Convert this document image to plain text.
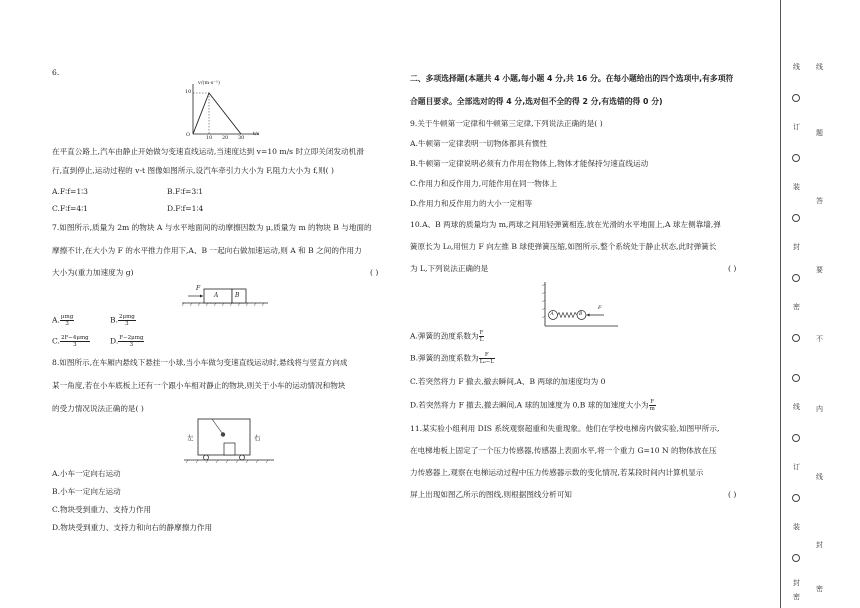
6.
v/(m·s⁻¹)
10
O	10 20 30
t/s
在平直公路上,汽车由静止开始做匀变速直线运动,当速度达到 v=10 m/s 时立即关闭发动机滑
行,直到停止,运动过程的 v-t 图像如图所示,设汽车牵引力大小为 F,阻力大小为 f,则( )
A.F∶f=1∶3	B.F∶f=3∶1
C.F∶f=4∶1	D.F∶f=1∶4
7.如图所示,质量为 2m 的物块 A 与水平地面间的动摩擦因数为 μ,质量为 m 的物块 B 与地面的
摩擦不计,在大小为 F 的水平推力作用下,A、B 一起向右做加速运动,则 A 和 B 之间的作用力
大小为(重力加速度为 g)	( )
F
A	B
A. $\frac{\text{μmg}}{3}$	B. $\frac{\text{2μmg}}{3}$
C. $\frac{\text{2F−4μmg}}{3}$	D. $\frac{\text{F−2μmg}}{3}$
8.如图所示,在车厢内悬线下悬挂一小球,当小车做匀变速直线运动时,悬线将与竖直方向成
某一角度,若在小车底板上还有一个跟小车相对静止的物块,则关于小车的运动情况和物块
的受力情况说法正确的是( )
左	右
A.小车一定向右运动
B.小车一定向左运动
C.物块受到重力、支持力作用
D.物块受到重力、支持力和向右的静摩擦力作用
二、多项选择题(本题共 4 小题,每小题 4 分,共 16 分。在每小题给出的四个选项中,有多项符
合题目要求。全部选对的得 4 分,选对但不全的得 2 分,有选错的得 0 分)
9.关于牛顿第一定律和牛顿第三定律,下列说法正确的是( )
A.牛顿第一定律表明一切物体都具有惯性
B.牛顿第一定律说明必须有力作用在物体上,物体才能保持匀速直线运动
C.作用力和反作用力,可能作用在同一物体上
D.作用力和反作用力的大小一定相等
10.A、B 两球的质量均为 m,两球之间用轻弹簧相连,放在光滑的水平地面上,A 球左侧靠墙,弹
簧原长为 L₀,用恒力 F 向左推 B 球使弹簧压缩,如图所示,整个系统处于静止状态,此时弹簧长
为 L,下列说法正确的是	( )
A	B
F
A.弹簧的劲度系数为 $\frac{F}{L}$
B.弹簧的劲度系数为 $\frac{F}{\text{L₀−L}}$
C.若突然将力 F 撤去,撤去瞬间,A、B 两球的加速度均为 0
D.若突然将力 F 撤去,撤去瞬间,A 球的加速度为 0,B 球的加速度大小为 $\frac{F}{m}$
11.某实验小组利用 DIS 系统观察超重和失重现象。他们在学校电梯房内做实验,如图甲所示,
在电梯地板上固定了一个压力传感器,传感器上表面水平,将一个重力 G=10 N 的物体放在压
力传感器上,观察在电梯运动过程中压力传感器示数的变化情况,若某段时间内计算机显示
屏上出现如图乙所示的图线,则根据图线分析可知	( )
线
订
装
封
密
线
订
装
封
密
线
题
答
要
不
内
线
封
密
